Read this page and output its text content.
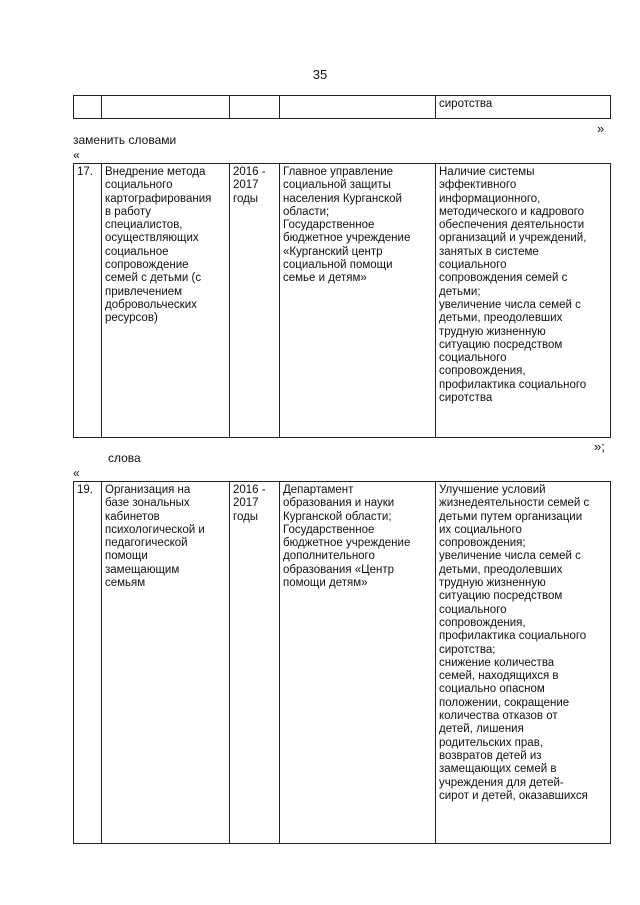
35
				сиротства
»
заменить словами
«
17.	Внедрение метода
социального
картографирования
в работу
специалистов,
осуществляющих
социальное
сопровождение
семей с детьми (с
привлечением
добровольческих
ресурсов)	2016 -
2017
годы	Главное управление
социальной защиты
населения Курганской
области;
Государственное
бюджетное учреждение
«Курганский центр
социальной помощи
семье и детям»	Наличие системы
эффективного
информационного,
методического и кадрового
обеспечения деятельности
организаций и учреждений,
занятых в системе
социального
сопровождения семей с
детьми;
увеличение числа семей с
детьми, преодолевших
трудную жизненную
ситуацию посредством
социального
сопровождения,
профилактика социального
сиротства
»;
слова
«
19.	Организация на
базе зональных
кабинетов
психологической и
педагогической
помощи
замещающим
семьям	2016 -
2017
годы	Департамент
образования и науки
Курганской области;
Государственное
бюджетное учреждение
дополнительного
образования «Центр
помощи детям»	Улучшение условий
жизнедеятельности семей с
детьми путем организации
их социального
сопровождения;
увеличение числа семей с
детьми, преодолевших
трудную жизненную
ситуацию посредством
социального
сопровождения,
профилактика социального
сиротства;
снижение количества
семей, находящихся в
социально опасном
положении, сокращение
количества отказов от
детей, лишения
родительских прав,
возвратов детей из
замещающих семей в
учреждения для детей-
сирот и детей, оказавшихся
